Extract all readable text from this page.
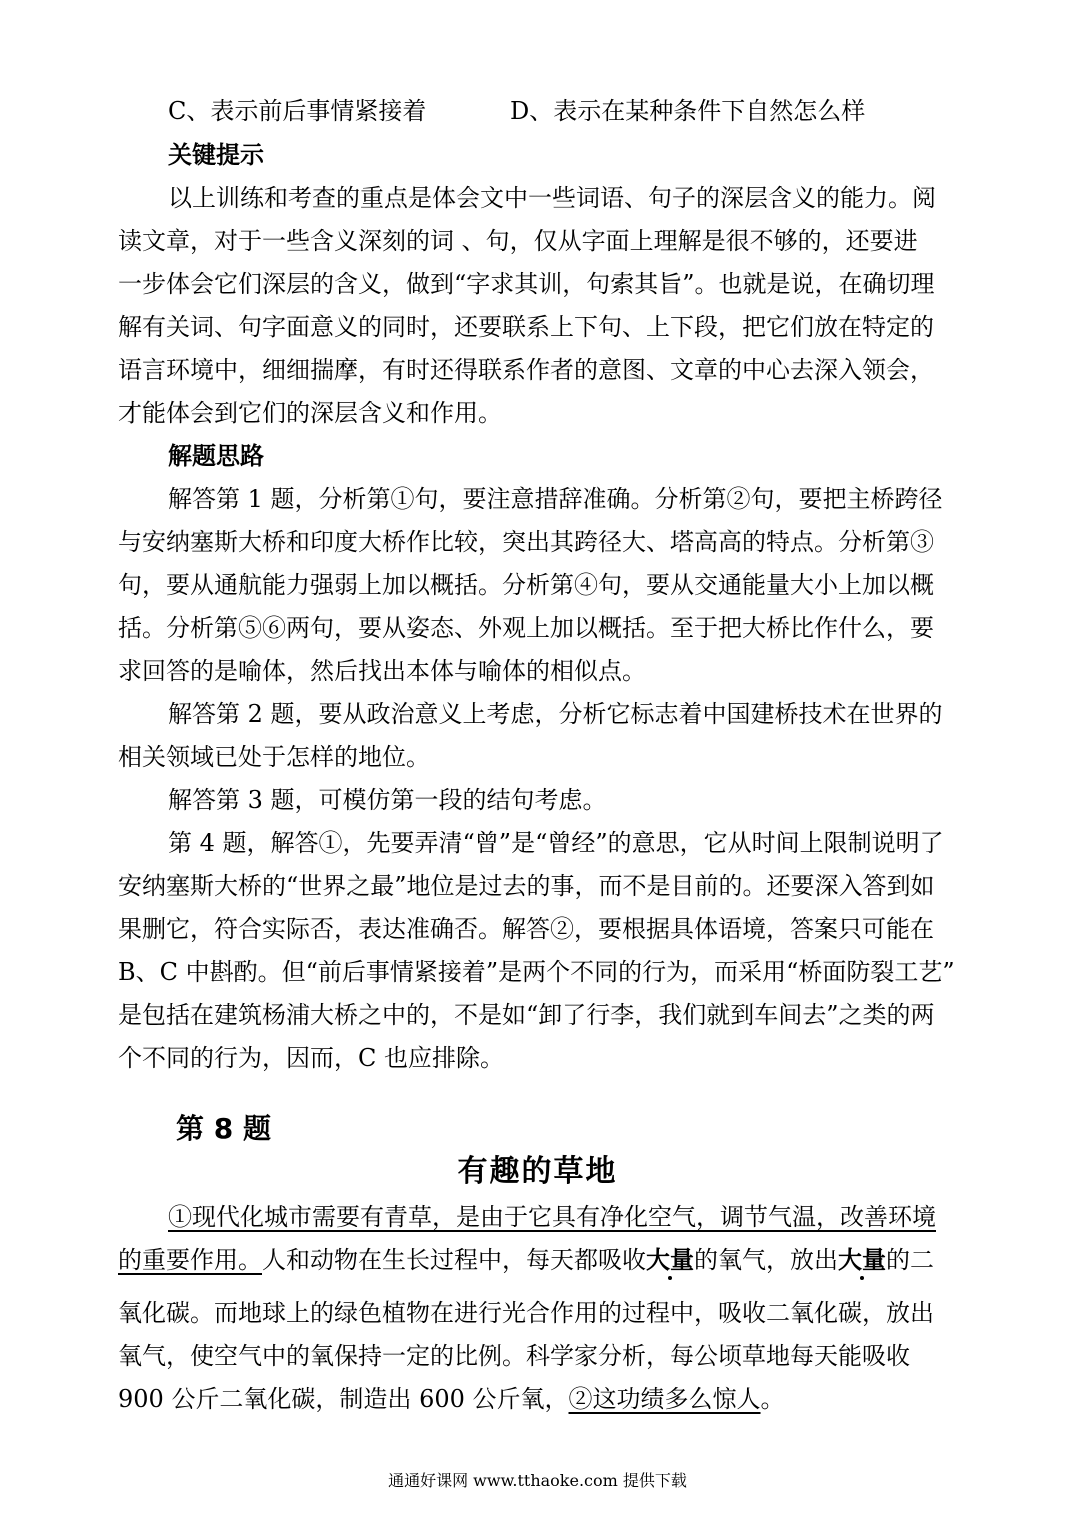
C、表示前后事情紧接着	D、表示在某种条件下自然怎么样
关键提示
以上训练和考查的重点是体会文中一些词语、句子的深层含义的能力。阅
读文章，对于一些含义深刻的词 、句，仅从字面上理解是很不够的，还要进
一步体会它们深层的含义，做到“字求其训，句索其旨”。也就是说，在确切理
解有关词、句字面意义的同时，还要联系上下句、上下段，把它们放在特定的
语言环境中，细细揣摩，有时还得联系作者的意图、文章的中心去深入领会，
才能体会到它们的深层含义和作用。
解题思路
解答第 1 题，分析第①句，要注意措辞准确。分析第②句，要把主桥跨径
与安纳塞斯大桥和印度大桥作比较，突出其跨径大、塔高高的特点。分析第③
句，要从通航能力强弱上加以概括。分析第④句，要从交通能量大小上加以概
括。分析第⑤⑥两句，要从姿态、外观上加以概括。至于把大桥比作什么，要
求回答的是喻体，然后找出本体与喻体的相似点。
解答第 2 题，要从政治意义上考虑，分析它标志着中国建桥技术在世界的
相关领域已处于怎样的地位。
解答第 3 题，可模仿第一段的结句考虑。
第 4 题，解答①，先要弄清“曾”是“曾经”的意思，它从时间上限制说明了
安纳塞斯大桥的“世界之最”地位是过去的事，而不是目前的。还要深入答到如
果删它，符合实际否，表达准确否。解答②，要根据具体语境，答案只可能在
B、C 中斟酌。但“前后事情紧接着”是两个不同的行为，而采用“桥面防裂工艺”
是包括在建筑杨浦大桥之中的，不是如“卸了行李，我们就到车间去”之类的两
个不同的行为，因而，C 也应排除。
第 8 题
有趣的草地
①现代化城市需要有青草，是由于它具有净化空气，调节气温，改善环境
的重要作用。人和动物在生长过程中，每天都吸收大量的氧气，放出大量的二
氧化碳。而地球上的绿色植物在进行光合作用的过程中，吸收二氧化碳，放出
氧气，使空气中的氧保持一定的比例。科学家分析，每公顷草地每天能吸收
900 公斤二氧化碳，制造出 600 公斤氧，②这功绩多么惊人。
通通好课网 www.tthaoke.com 提供下载
